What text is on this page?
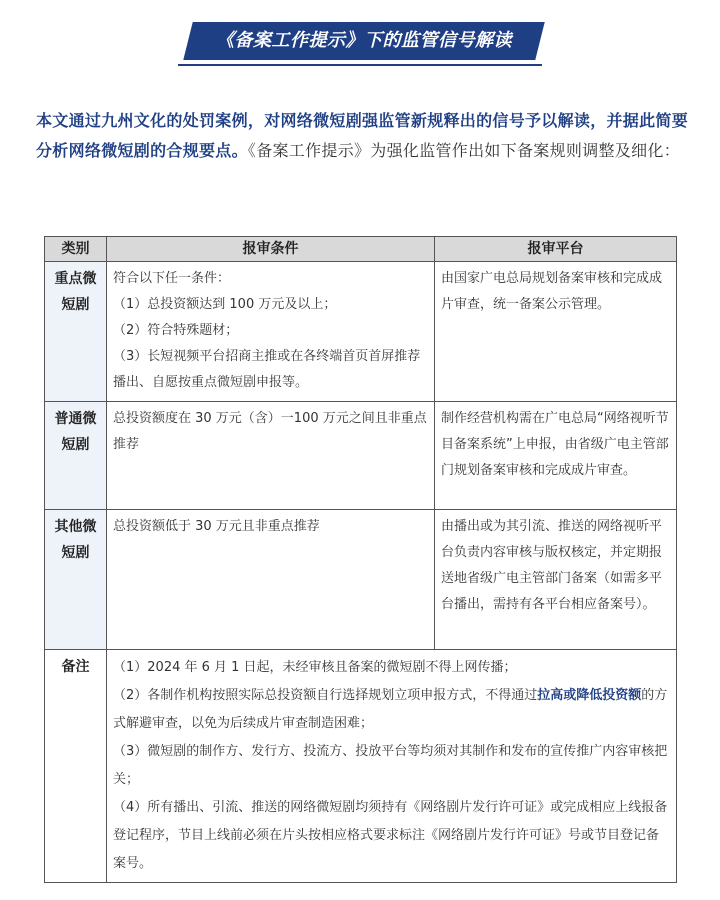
《备案工作提示》下的监管信号解读
本文通过九州文化的处罚案例，对网络微短剧强监管新规释出的信号予以解读，并据此简要分析网络微短剧的合规要点。《备案工作提示》为强化监管作出如下备案规则调整及细化：
类别	报审条件	报审平台
重点微短剧	符合以下任一条件：
（1）总投资额达到 100 万元及以上；
（2）符合特殊题材；
（3）长短视频平台招商主推或在各终端首页首屏推荐播出、自愿按重点微短剧申报等。	由国家广电总局规划备案审核和完成成片审查，统一备案公示管理。
普通微短剧	总投资额度在 30 万元（含）一100 万元之间且非重点推荐	制作经营机构需在广电总局“网络视听节目备案系统”上申报，由省级广电主管部门规划备案审核和完成成片审查。
其他微短剧	总投资额低于 30 万元且非重点推荐	由播出或为其引流、推送的网络视听平台负责内容审核与版权核定，并定期报送地省级广电主管部门备案（如需多平台播出，需持有各平台相应备案号）。
备注	（1）2024 年 6 月 1 日起，未经审核且备案的微短剧不得上网传播；
（2）各制作机构按照实际总投资额自行选择规划立项申报方式，不得通过拉高或降低投资额的方式解避审查，以免为后续成片审查制造困难；
（3）微短剧的制作方、发行方、投流方、投放平台等均须对其制作和发布的宣传推广内容审核把关；
（4）所有播出、引流、推送的网络微短剧均须持有《网络剧片发行许可证》或完成相应上线报备登记程序，节目上线前必须在片头按相应格式要求标注《网络剧片发行许可证》号或节目登记备案号。	
